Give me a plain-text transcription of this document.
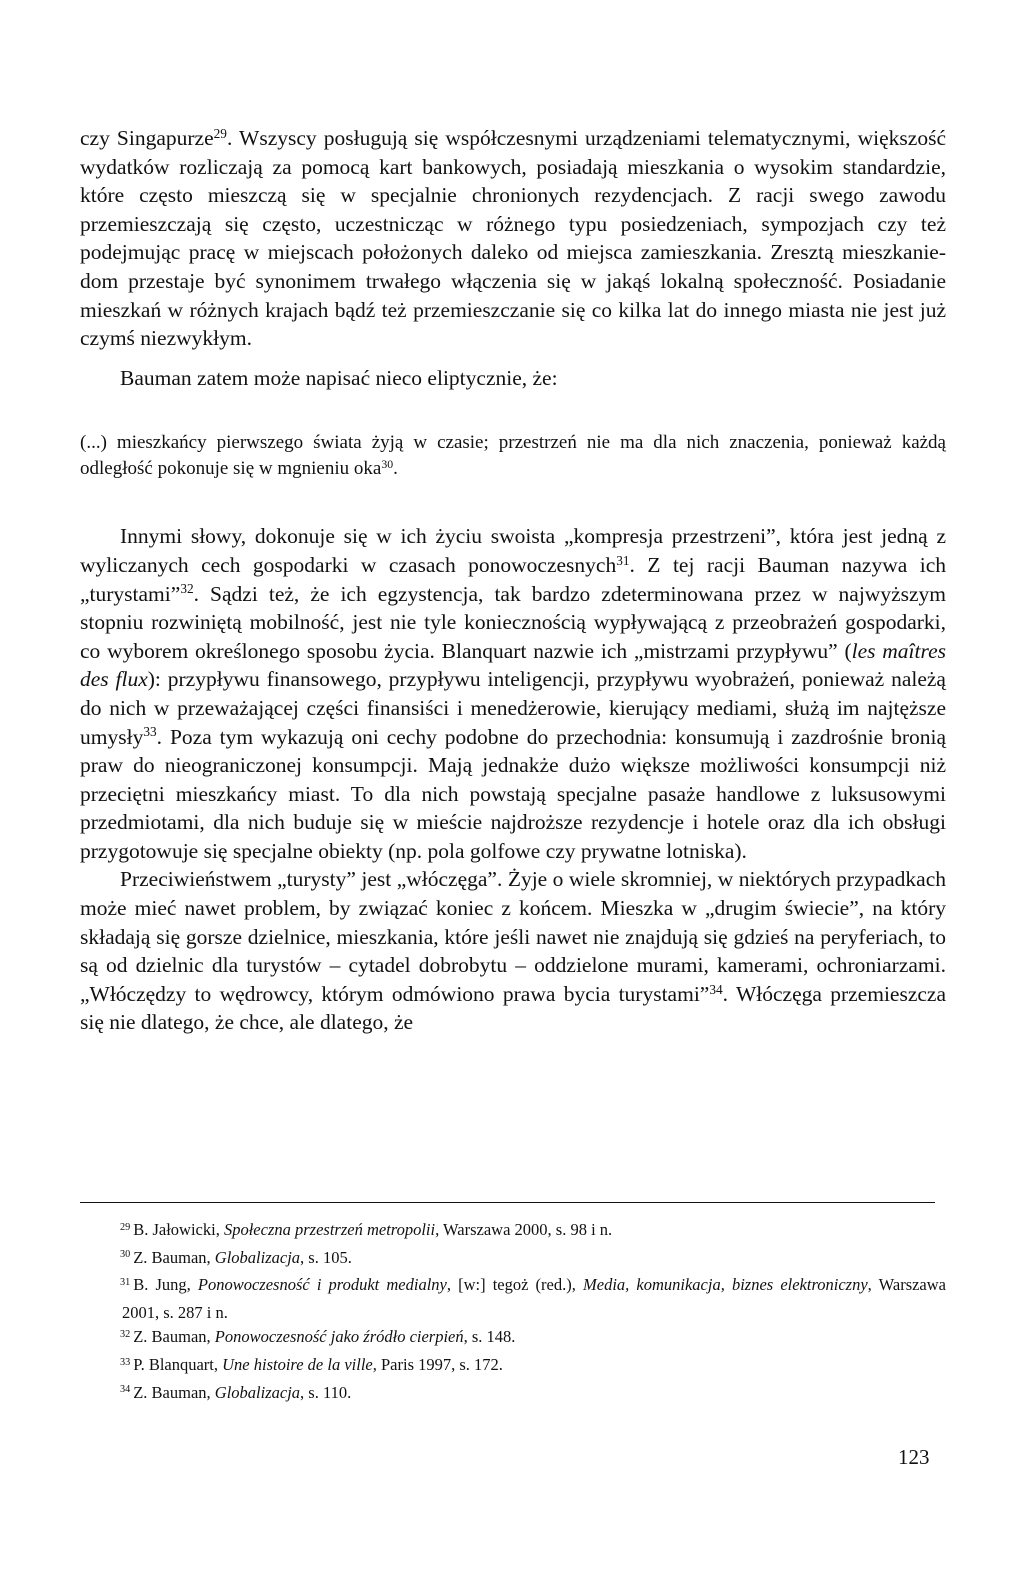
czy Singapurze$^{29}$. Wszyscy posługują się współczesnymi urządzeniami telematycznymi, większość wydatków rozliczają za pomocą kart bankowych, posiadają mieszkania o wysokim standardzie, które często mieszczą się w specjalnie chronionych rezydencjach. Z racji swego zawodu przemieszczają się często, uczestnicząc w różnego typu posiedzeniach, sympozjach czy też podejmując pracę w miejscach położonych daleko od miejsca zamieszkania. Zresztą mieszkanie-dom przestaje być synonimem trwałego włączenia się w jakąś lokalną społeczność. Posiadanie mieszkań w różnych krajach bądź też przemieszczanie się co kilka lat do innego miasta nie jest już czymś niezwykłym.

Bauman zatem może napisać nieco eliptycznie, że:

(...) mieszkańcy pierwszego świata żyją w czasie; przestrzeń nie ma dla nich znaczenia, ponieważ każdą odległość pokonuje się w mgnieniu oka$^{30}$.

Innymi słowy, dokonuje się w ich życiu swoista „kompresja przestrzeni”, która jest jedną z wyliczanych cech gospodarki w czasach ponowoczesnych$^{31}$. Z tej racji Bauman nazywa ich „turystami”$^{32}$. Sądzi też, że ich egzystencja, tak bardzo zdeterminowana przez w najwyższym stopniu rozwiniętą mobilność, jest nie tyle koniecznością wypływającą z przeobrażeń gospodarki, co wyborem określonego sposobu życia. Blanquart nazwie ich „mistrzami przypływu” (les maîtres des flux): przypływu finansowego, przypływu inteligencji, przypływu wyobrażeń, ponieważ należą do nich w przeważającej części finansiści i menedżerowie, kierujący mediami, służą im najtęższe umysły$^{33}$. Poza tym wykazują oni cechy podobne do przechodnia: konsumują i zazdrośnie bronią praw do nieograniczonej konsumpcji. Mają jednakże dużo większe możliwości konsumpcji niż przeciętni mieszkańcy miast. To dla nich powstają specjalne pasaże handlowe z luksusowymi przedmiotami, dla nich buduje się w mieście najdroższe rezydencje i hotele oraz dla ich obsługi przygotowuje się specjalne obiekty (np. pola golfowe czy prywatne lotniska).

Przeciwieństwem „turysty” jest „włóczęga”. Żyje o wiele skromniej, w niektórych przypadkach może mieć nawet problem, by związać koniec z końcem. Mieszka w „drugim świecie”, na który składają się gorsze dzielnice, mieszkania, które jeśli nawet nie znajdują się gdzieś na peryferiach, to są od dzielnic dla turystów – cytadel dobrobytu – oddzielone murami, kamerami, ochroniarzami. „Włóczędzy to wędrowcy, którym odmówiono prawa bycia turystami”$^{34}$. Włóczęga przemieszcza się nie dlatego, że chce, ale dlatego, że

$^{29}$ B. Jałowicki, Społeczna przestrzeń metropolii, Warszawa 2000, s. 98 i n.

$^{30}$ Z. Bauman, Globalizacja, s. 105.

$^{31}$ B. Jung, Ponowoczesność i produkt medialny, [w:] tegoż (red.), Media, komunikacja, biznes elektroniczny, Warszawa 2001, s. 287 i n.

$^{32}$ Z. Bauman, Ponowoczesność jako źródło cierpień, s. 148.

$^{33}$ P. Blanquart, Une histoire de la ville, Paris 1997, s. 172.

$^{34}$ Z. Bauman, Globalizacja, s. 110.

123
